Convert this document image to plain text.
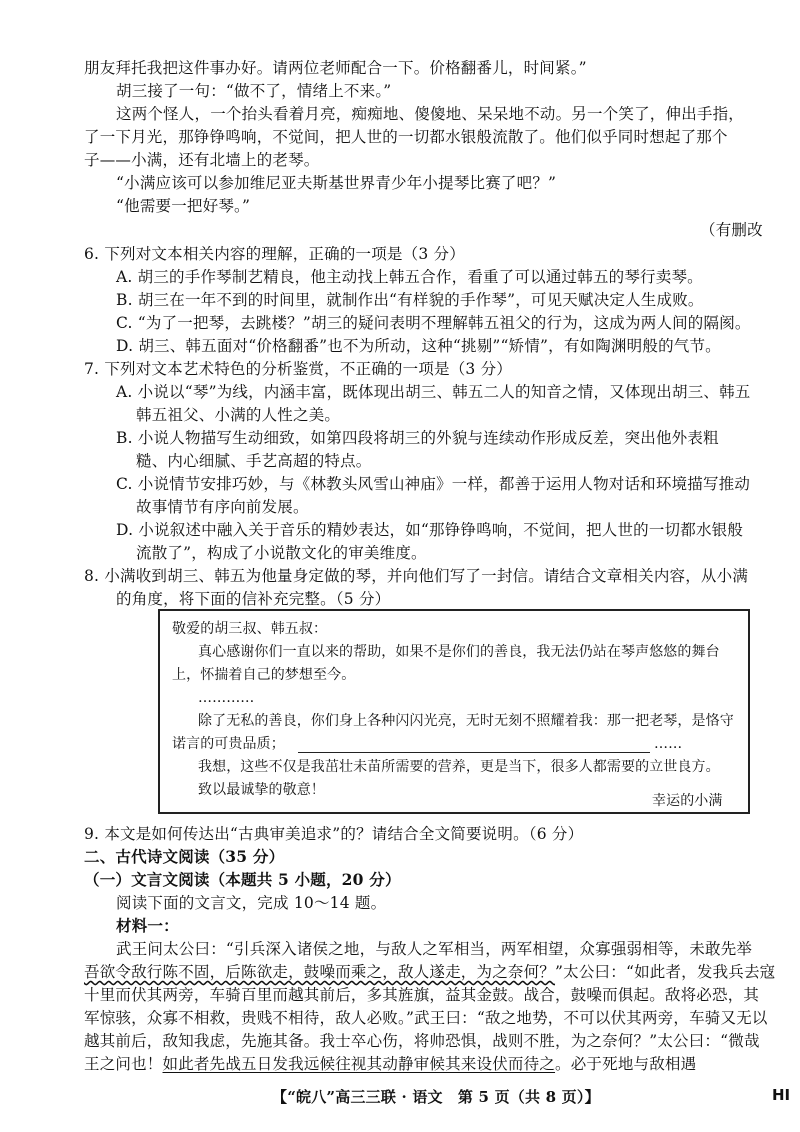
朋友拜托我把这件事办好。请两位老师配合一下。价格翻番儿，时间紧。”
胡三接了一句：“做不了，情绪上不来。”
这两个怪人，一个抬头看着月亮，痴痴地、傻傻地、呆呆地不动。另一个笑了，伸出手指，
了一下月光，那铮铮鸣响，不觉间，把人世的一切都水银般流散了。他们似乎同时想起了那个
子——小满，还有北墙上的老琴。
“小满应该可以参加维尼亚夫斯基世界青少年小提琴比赛了吧？”
“他需要一把好琴。”
（有删改
6. 下列对文本相关内容的理解，正确的一项是（3 分）
A. 胡三的手作琴制艺精良，他主动找上韩五合作，看重了可以通过韩五的琴行卖琴。
B. 胡三在一年不到的时间里，就制作出“有样貌的手作琴”，可见天赋决定人生成败。
C. “为了一把琴，去跳楼？”胡三的疑问表明不理解韩五祖父的行为，这成为两人间的隔阂。
D. 胡三、韩五面对“价格翻番”也不为所动，这种“挑剔”“矫情”，有如陶渊明般的气节。
7. 下列对文本艺术特色的分析鉴赏，不正确的一项是（3 分）
A. 小说以“琴”为线，内涵丰富，既体现出胡三、韩五二人的知音之情，又体现出胡三、韩五
韩五祖父、小满的人性之美。
B. 小说人物描写生动细致，如第四段将胡三的外貌与连续动作形成反差，突出他外表粗
糙、内心细腻、手艺高超的特点。
C. 小说情节安排巧妙，与《林教头风雪山神庙》一样，都善于运用人物对话和环境描写推动
故事情节有序向前发展。
D. 小说叙述中融入关于音乐的精妙表达，如“那铮铮鸣响，不觉间，把人世的一切都水银般
流散了”，构成了小说散文化的审美维度。
8. 小满收到胡三、韩五为他量身定做的琴，并向他们写了一封信。请结合文章相关内容，从小满
的角度，将下面的信补充完整。（5 分）
敬爱的胡三叔、韩五叔：
真心感谢你们一直以来的帮助，如果不是你们的善良，我无法仍站在琴声悠悠的舞台
上，怀揣着自己的梦想至今。
…………
除了无私的善良，你们身上各种闪闪光亮，无时无刻不照耀着我：那一把老琴，是恪守
诺言的可贵品质；	……
我想，这些不仅是我茁壮未苗所需要的营养，更是当下，很多人都需要的立世良方。
致以最诚挚的敬意！
幸运的小满
9. 本文是如何传达出“古典审美追求”的？请结合全文简要说明。（6 分）
二、古代诗文阅读（35 分）
（一）文言文阅读（本题共 5 小题，20 分）
阅读下面的文言文，完成 10～14 题。
材料一：
武王问太公曰：“引兵深入诸侯之地，与敌人之军相当，两军相望，众寡强弱相等，未敢先举
吾欲令敌行陈不固，后陈欲走，鼓噪而乘之，敌人遂走，为之奈何？”太公曰：“如此者，发我兵去寇
十里而伏其两旁，车骑百里而越其前后，多其旌旗，益其金鼓。战合，鼓噪而俱起。敌将必恐，其
军惊骇，众寡不相救，贵贱不相待，敌人必败。”武王曰：“敌之地势，不可以伏其两旁，车骑又无以
越其前后，敌知我虑，先施其备。我士卒心伤，将帅恐惧，战则不胜，为之奈何？”太公曰：“微哉
王之问也！如此者先战五日发我远候往视其动静审候其来设伏而待之。必于死地与敌相遇
【“皖八”高三三联 · 语文　第 5 页（共 8 页）】	HI
